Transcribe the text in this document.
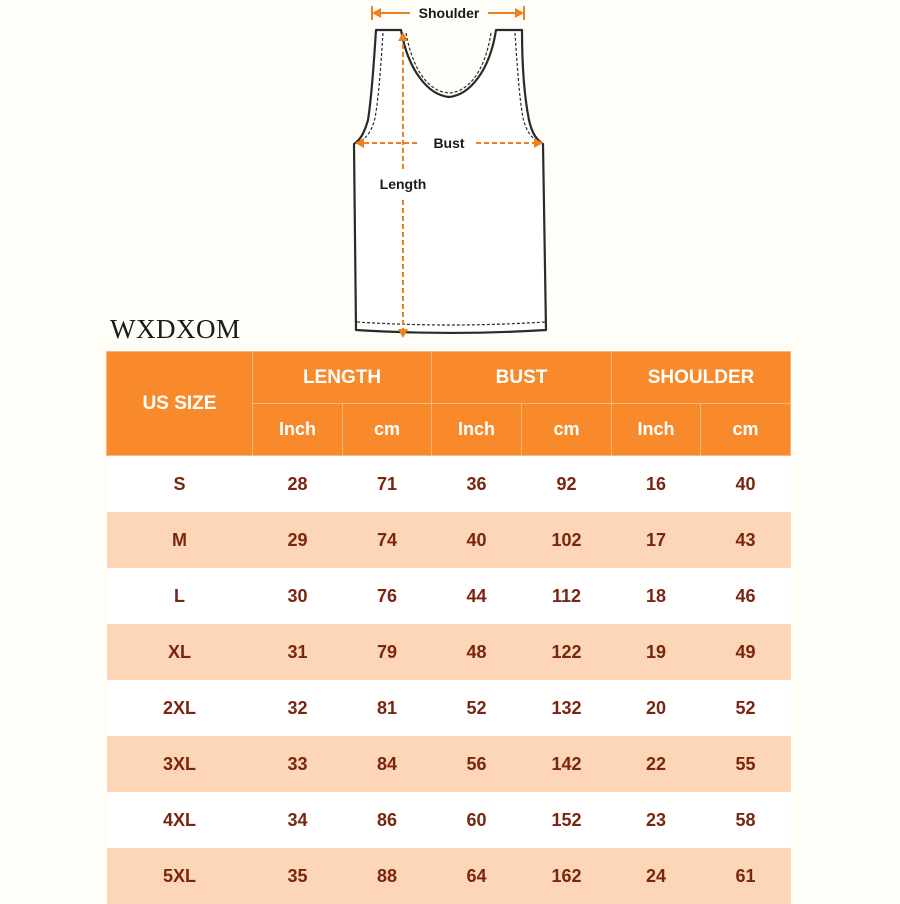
Shoulder
Bust
Length
WXDXOM
US SIZE	LENGTH		BUST		SHOULDER	
	Inch	cm	Inch	cm	Inch	cm
S	28	71	36	92	16	40
M	29	74	40	102	17	43
L	30	76	44	112	18	46
XL	31	79	48	122	19	49
2XL	32	81	52	132	20	52
3XL	33	84	56	142	22	55
4XL	34	86	60	152	23	58
5XL	35	88	64	162	24	61
